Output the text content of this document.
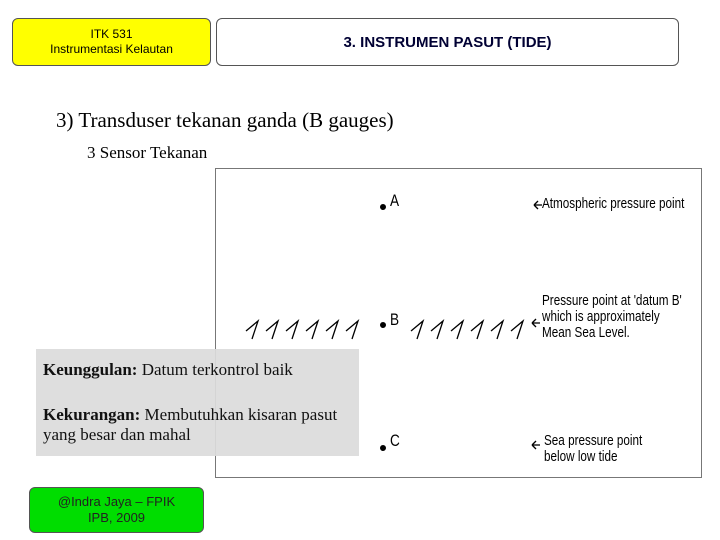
ITK 531
Instrumentasi Kelautan	3. INSTRUMEN PASUT (TIDE)
3) Transduser tekanan ganda (B gauges)
3 Sensor Tekanan
A
B
C
Atmospheric pressure point
Pressure point at 'datum B'
which is approximately
Mean Sea Level.
Sea pressure point
below low tide
Keunggulan: Datum terkontrol baik
Kekurangan: Membutuhkan kisaran pasut yang besar dan mahal
@Indra Jaya – FPIK
IPB, 2009
